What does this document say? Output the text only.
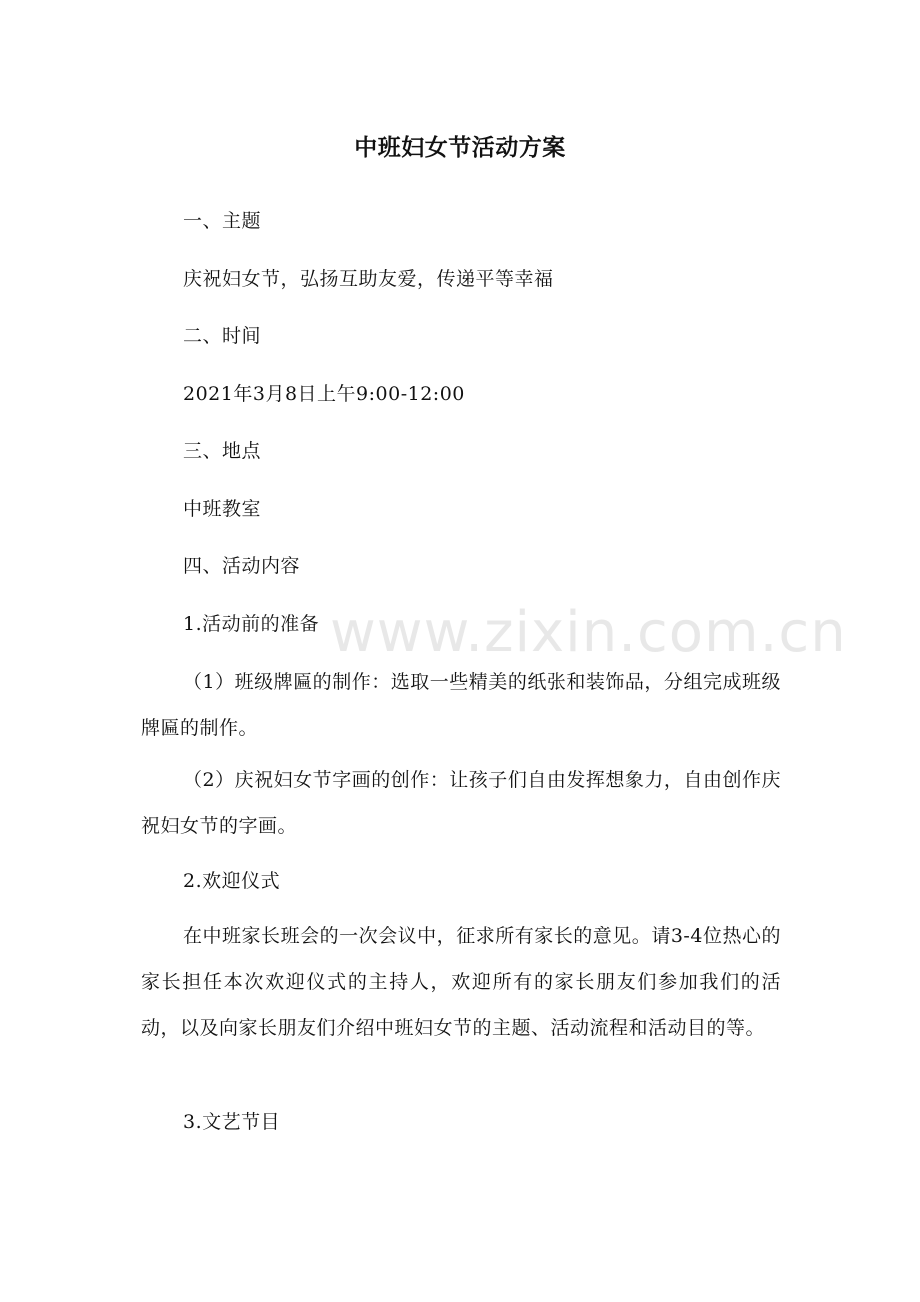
中班妇女节活动方案
一、主题
庆祝妇女节，弘扬互助友爱，传递平等幸福
二、时间
2021年3月8日上午9:00-12:00
三、地点
中班教室
四、活动内容
1.活动前的准备
（1）班级牌匾的制作：选取一些精美的纸张和装饰品，分组完成班级牌匾的制作。
（2）庆祝妇女节字画的创作：让孩子们自由发挥想象力，自由创作庆祝妇女节的字画。
2.欢迎仪式
在中班家长班会的一次会议中，征求所有家长的意见。请3-4位热心的家长担任本次欢迎仪式的主持人，欢迎所有的家长朋友们参加我们的活动，以及向家长朋友们介绍中班妇女节的主题、活动流程和活动目的等。
3.文艺节目
www.zixin.com.cn
